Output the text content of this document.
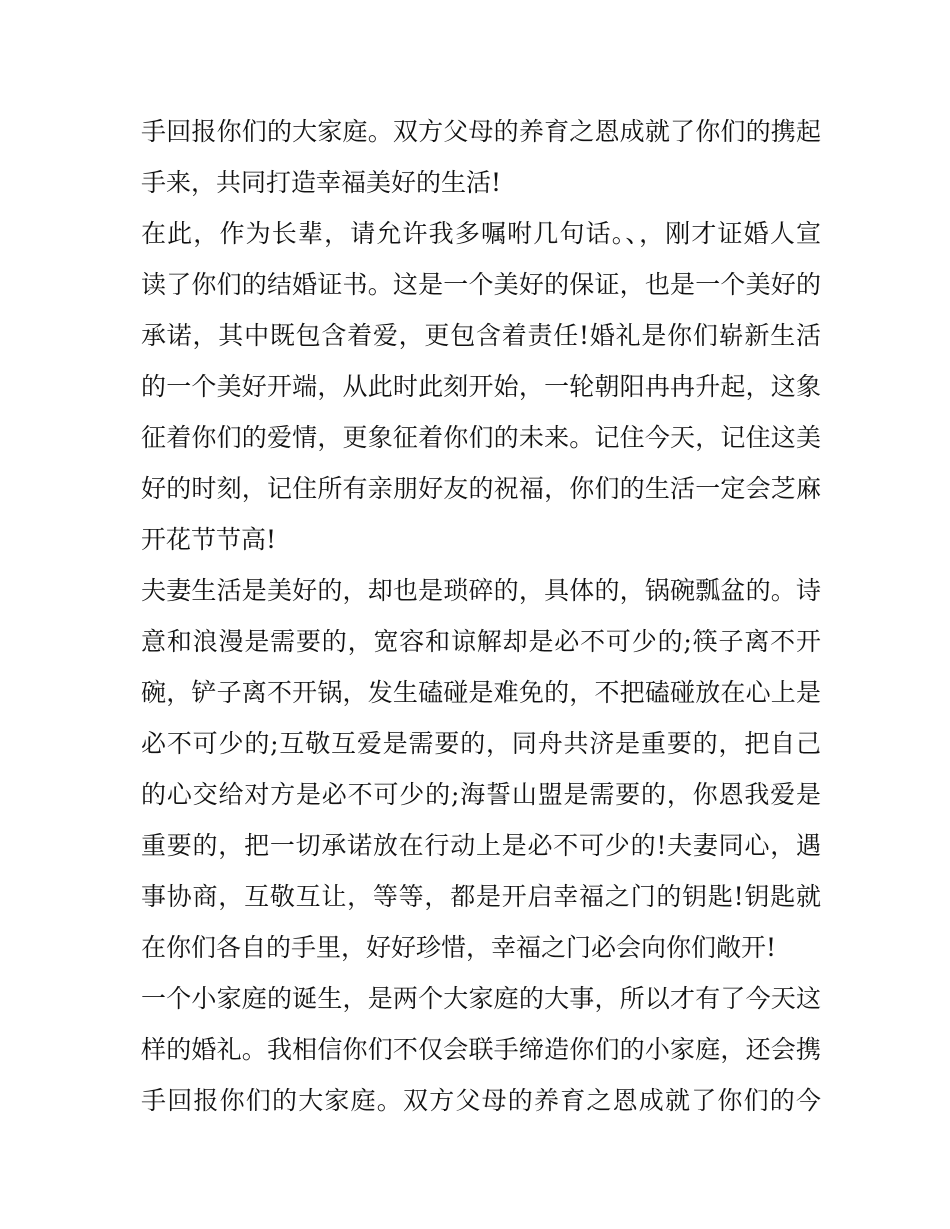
手回报你们的大家庭。双方父母的养育之恩成就了你们的携起
手来，共同打造幸福美好的生活!
在此，作为长辈，请允许我多嘱咐几句话。、，刚才证婚人宣
读了你们的结婚证书。这是一个美好的保证，也是一个美好的
承诺，其中既包含着爱，更包含着责任!婚礼是你们崭新生活
的一个美好开端，从此时此刻开始，一轮朝阳冉冉升起，这象
征着你们的爱情，更象征着你们的未来。记住今天，记住这美
好的时刻，记住所有亲朋好友的祝福，你们的生活一定会芝麻
开花节节高!
夫妻生活是美好的，却也是琐碎的，具体的，锅碗瓢盆的。诗
意和浪漫是需要的，宽容和谅解却是必不可少的;筷子离不开
碗，铲子离不开锅，发生磕碰是难免的，不把磕碰放在心上是
必不可少的;互敬互爱是需要的，同舟共济是重要的，把自己
的心交给对方是必不可少的;海誓山盟是需要的，你恩我爱是
重要的，把一切承诺放在行动上是必不可少的!夫妻同心，遇
事协商，互敬互让，等等，都是开启幸福之门的钥匙!钥匙就
在你们各自的手里，好好珍惜，幸福之门必会向你们敞开!
一个小家庭的诞生，是两个大家庭的大事，所以才有了今天这
样的婚礼。我相信你们不仅会联手缔造你们的小家庭，还会携
手回报你们的大家庭。双方父母的养育之恩成就了你们的今
